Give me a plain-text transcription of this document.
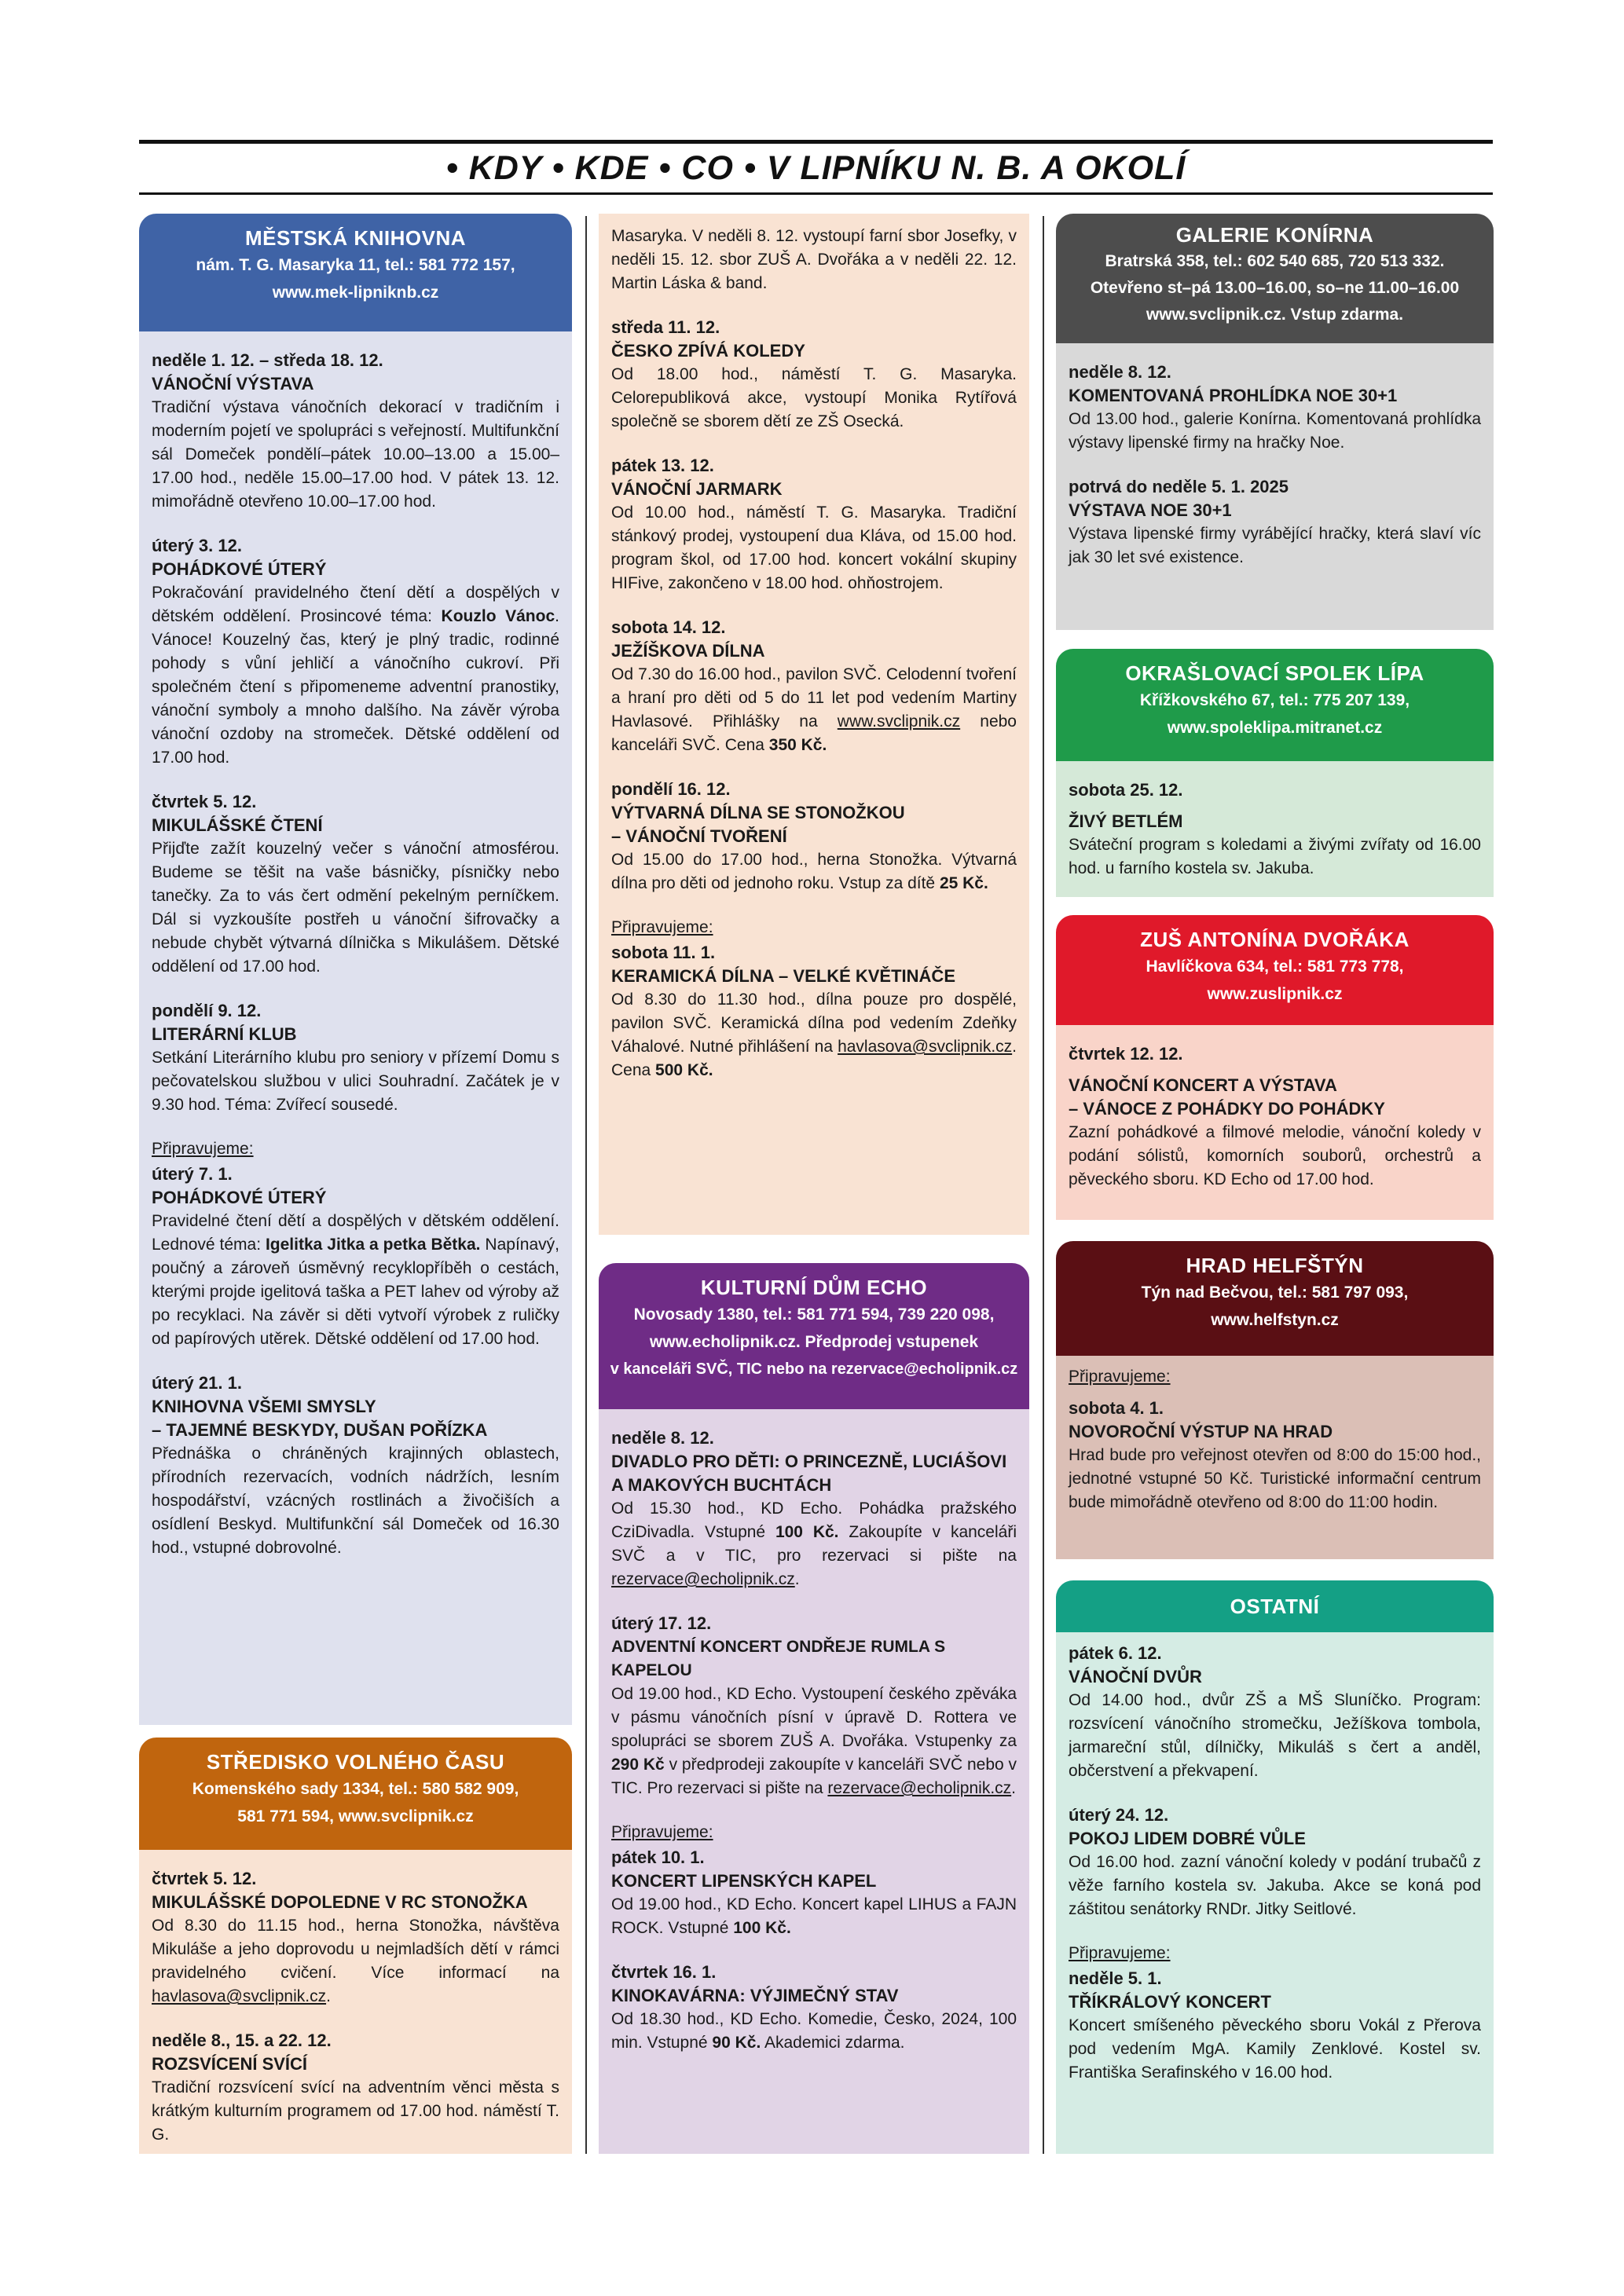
• KDY • KDE • CO • V LIPNÍKU N. B. A OKOLÍ
MĚSTSKÁ KNIHOVNA
nám. T. G. Masaryka 11, tel.: 581 772 157,
www.mek-lipniknb.cz
neděle 1. 12. – středa 18. 12.
VÁNOČNÍ VÝSTAVA
Tradiční výstava vánočních dekorací v tradičním i moderním pojetí ve spolupráci s veřejností. Multifunkční sál Domeček pondělí–pátek 10.00–13.00 a 15.00–17.00 hod., neděle 15.00–17.00 hod. V pátek 13. 12. mimořádně otevřeno 10.00–17.00 hod.
úterý 3. 12.
POHÁDKOVÉ ÚTERÝ
Pokračování pravidelného čtení dětí a dospělých v dětském oddělení. Prosincové téma: Kouzlo Vánoc. Vánoce! Kouzelný čas, který je plný tradic, rodinné pohody s vůní jehličí a vánočního cukroví. Při společném čtení s připomeneme adventní pranostiky, vánoční symboly a mnoho dalšího. Na závěr výroba vánoční ozdoby na stromeček. Dětské oddělení od 17.00 hod.
čtvrtek 5. 12.
MIKULÁŠSKÉ ČTENÍ
Přijďte zažít kouzelný večer s vánoční atmosférou. Budeme se těšit na vaše básničky, písničky nebo tanečky. Za to vás čert odmění pekelným perníčkem. Dál si vyzkoušíte postřeh u vánoční šifrovačky a nebude chybět výtvarná dílnička s Mikulášem. Dětské oddělení od 17.00 hod.
pondělí 9. 12.
LITERÁRNÍ KLUB
Setkání Literárního klubu pro seniory v přízemí Domu s pečovatelskou službou v ulici Souhradní. Začátek je v 9.30 hod. Téma: Zvířecí sousedé.
Připravujeme:
úterý 7. 1.
POHÁDKOVÉ ÚTERÝ
Pravidelné čtení dětí a dospělých v dětském oddělení. Lednové téma: Igelitka Jitka a petka Bětka. Napínavý, poučný a zároveň úsměvný recyklopříběh o cestách, kterými projde igelitová taška a PET lahev od výroby až po recyklaci. Na závěr si děti vytvoří výrobek z ruličky od papírových utěrek. Dětské oddělení od 17.00 hod.
úterý 21. 1.
KNIHOVNA VŠEMI SMYSLY
– TAJEMNÉ BESKYDY, DUŠAN POŘÍZKA
Přednáška o chráněných krajinných oblastech, přírodních rezervacích, vodních nádržích, lesním hospodářství, vzácných rostlinách a živočiších a osídlení Beskyd. Multifunkční sál Domeček od 16.30 hod., vstupné dobrovolné.
STŘEDISKO VOLNÉHO ČASU
Komenského sady 1334, tel.: 580 582 909,
581 771 594, www.svclipnik.cz
čtvrtek 5. 12.
MIKULÁŠSKÉ DOPOLEDNE V RC STONOŽKA
Od 8.30 do 11.15 hod., herna Stonožka, návštěva Mikuláše a jeho doprovodu u nejmladších dětí v rámci pravidelného cvičení. Více informací na havlasova@svclipnik.cz.
neděle 8., 15. a 22. 12.
ROZSVÍCENÍ SVÍCÍ
Tradiční rozsvícení svící na adventním věnci města s krátkým kulturním programem od 17.00 hod. náměstí T. G.
Masaryka. V neděli 8. 12. vystoupí farní sbor Josefky, v neděli 15. 12. sbor ZUŠ A. Dvořáka a v neděli 22. 12. Martin Láska & band.
středa 11. 12.
ČESKO ZPÍVÁ KOLEDY
Od 18.00 hod., náměstí T. G. Masaryka. Celorepubliková akce, vystoupí Monika Rytířová společně se sborem dětí ze ZŠ Osecká.
pátek 13. 12.
VÁNOČNÍ JARMARK
Od 10.00 hod., náměstí T. G. Masaryka. Tradiční stánkový prodej, vystoupení dua Kláva, od 15.00 hod. program škol, od 17.00 hod. koncert vokální skupiny HIFive, zakončeno v 18.00 hod. ohňostrojem.
sobota 14. 12.
JEŽÍŠKOVA DÍLNA
Od 7.30 do 16.00 hod., pavilon SVČ. Celodenní tvoření a hraní pro děti od 5 do 11 let pod vedením Martiny Havlasové. Přihlášky na www.svclipnik.cz nebo kanceláři SVČ. Cena 350 Kč.
pondělí 16. 12.
VÝTVARNÁ DÍLNA SE STONOŽKOU
– VÁNOČNÍ TVOŘENÍ
Od 15.00 do 17.00 hod., herna Stonožka. Výtvarná dílna pro děti od jednoho roku. Vstup za dítě 25 Kč.
Připravujeme:
sobota 11. 1.
KERAMICKÁ DÍLNA – VELKÉ KVĚTINÁČE
Od 8.30 do 11.30 hod., dílna pouze pro dospělé, pavilon SVČ. Keramická dílna pod vedením Zdeňky Váhalové. Nutné přihlášení na havlasova@svclipnik.cz. Cena 500 Kč.
KULTURNÍ DŮM ECHO
Novosady 1380, tel.: 581 771 594, 739 220 098,
www.echolipnik.cz. Předprodej vstupenek
v kanceláři SVČ, TIC nebo na rezervace@echolipnik.cz
neděle 8. 12.
DIVADLO PRO DĚTI: O PRINCEZNĚ, LUCIÁŠOVI
A MAKOVÝCH BUCHTÁCH
Od 15.30 hod., KD Echo. Pohádka pražského CziDivadla. Vstupné 100 Kč. Zakoupíte v kanceláři SVČ a v TIC, pro rezervaci si pište na rezervace@echolipnik.cz.
úterý 17. 12.
ADVENTNÍ KONCERT ONDŘEJE RUMLA S KAPELOU
Od 19.00 hod., KD Echo. Vystoupení českého zpěváka v pásmu vánočních písní v úpravě D. Rottera ve spolupráci se sborem ZUŠ A. Dvořáka. Vstupenky za 290 Kč v předprodeji zakoupíte v kanceláři SVČ nebo v TIC. Pro rezervaci si pište na rezervace@echolipnik.cz.
Připravujeme:
pátek 10. 1.
KONCERT LIPENSKÝCH KAPEL
Od 19.00 hod., KD Echo. Koncert kapel LIHUS a FAJN ROCK. Vstupné 100 Kč.
čtvrtek 16. 1.
KINOKAVÁRNA: VÝJIMEČNÝ STAV
Od 18.30 hod., KD Echo. Komedie, Česko, 2024, 100 min. Vstupné 90 Kč. Akademici zdarma.
GALERIE KONÍRNA
Bratrská 358, tel.: 602 540 685, 720 513 332.
Otevřeno st–pá 13.00–16.00, so–ne 11.00–16.00
www.svclipnik.cz. Vstup zdarma.
neděle 8. 12.
KOMENTOVANÁ PROHLÍDKA NOE 30+1
Od 13.00 hod., galerie Konírna. Komentovaná prohlídka výstavy lipenské firmy na hračky Noe.
potrvá do neděle 5. 1. 2025
VÝSTAVA NOE 30+1
Výstava lipenské firmy vyrábějící hračky, která slaví víc jak 30 let své existence.
OKRAŠLOVACÍ SPOLEK LÍPA
Křížkovského 67, tel.: 775 207 139,
www.spoleklipa.mitranet.cz
sobota 25. 12.
ŽIVÝ BETLÉM
Sváteční program s koledami a živými zvířaty od 16.00 hod. u farního kostela sv. Jakuba.
ZUŠ ANTONÍNA DVOŘÁKA
Havlíčkova 634, tel.: 581 773 778,
www.zuslipnik.cz
čtvrtek 12. 12.
VÁNOČNÍ KONCERT A VÝSTAVA
– VÁNOCE Z POHÁDKY DO POHÁDKY
Zazní pohádkové a filmové melodie, vánoční koledy v podání sólistů, komorních souborů, orchestrů a pěveckého sboru. KD Echo od 17.00 hod.
HRAD HELFŠTÝN
Týn nad Bečvou, tel.: 581 797 093,
www.helfstyn.cz
Připravujeme:
sobota 4. 1.
NOVOROČNÍ VÝSTUP NA HRAD
Hrad bude pro veřejnost otevřen od 8:00 do 15:00 hod., jednotné vstupné 50 Kč. Turistické informační centrum bude mimořádně otevřeno od 8:00 do 11:00 hodin.
OSTATNÍ
pátek 6. 12.
VÁNOČNÍ DVŮR
Od 14.00 hod., dvůr ZŠ a MŠ Sluníčko. Program: rozsvícení vánočního stromečku, Ježíškova tombola, jarmareční stůl, dílničky, Mikuláš s čert a anděl, občerstvení a překvapení.
úterý 24. 12.
POKOJ LIDEM DOBRÉ VŮLE
Od 16.00 hod. zazní vánoční koledy v podání trubačů z věže farního kostela sv. Jakuba. Akce se koná pod záštitou senátorky RNDr. Jitky Seitlové.
Připravujeme:
neděle 5. 1.
TŘÍKRÁLOVÝ KONCERT
Koncert smíšeného pěveckého sboru Vokál z Přerova pod vedením MgA. Kamily Zenklové. Kostel sv. Františka Serafinského v 16.00 hod.
